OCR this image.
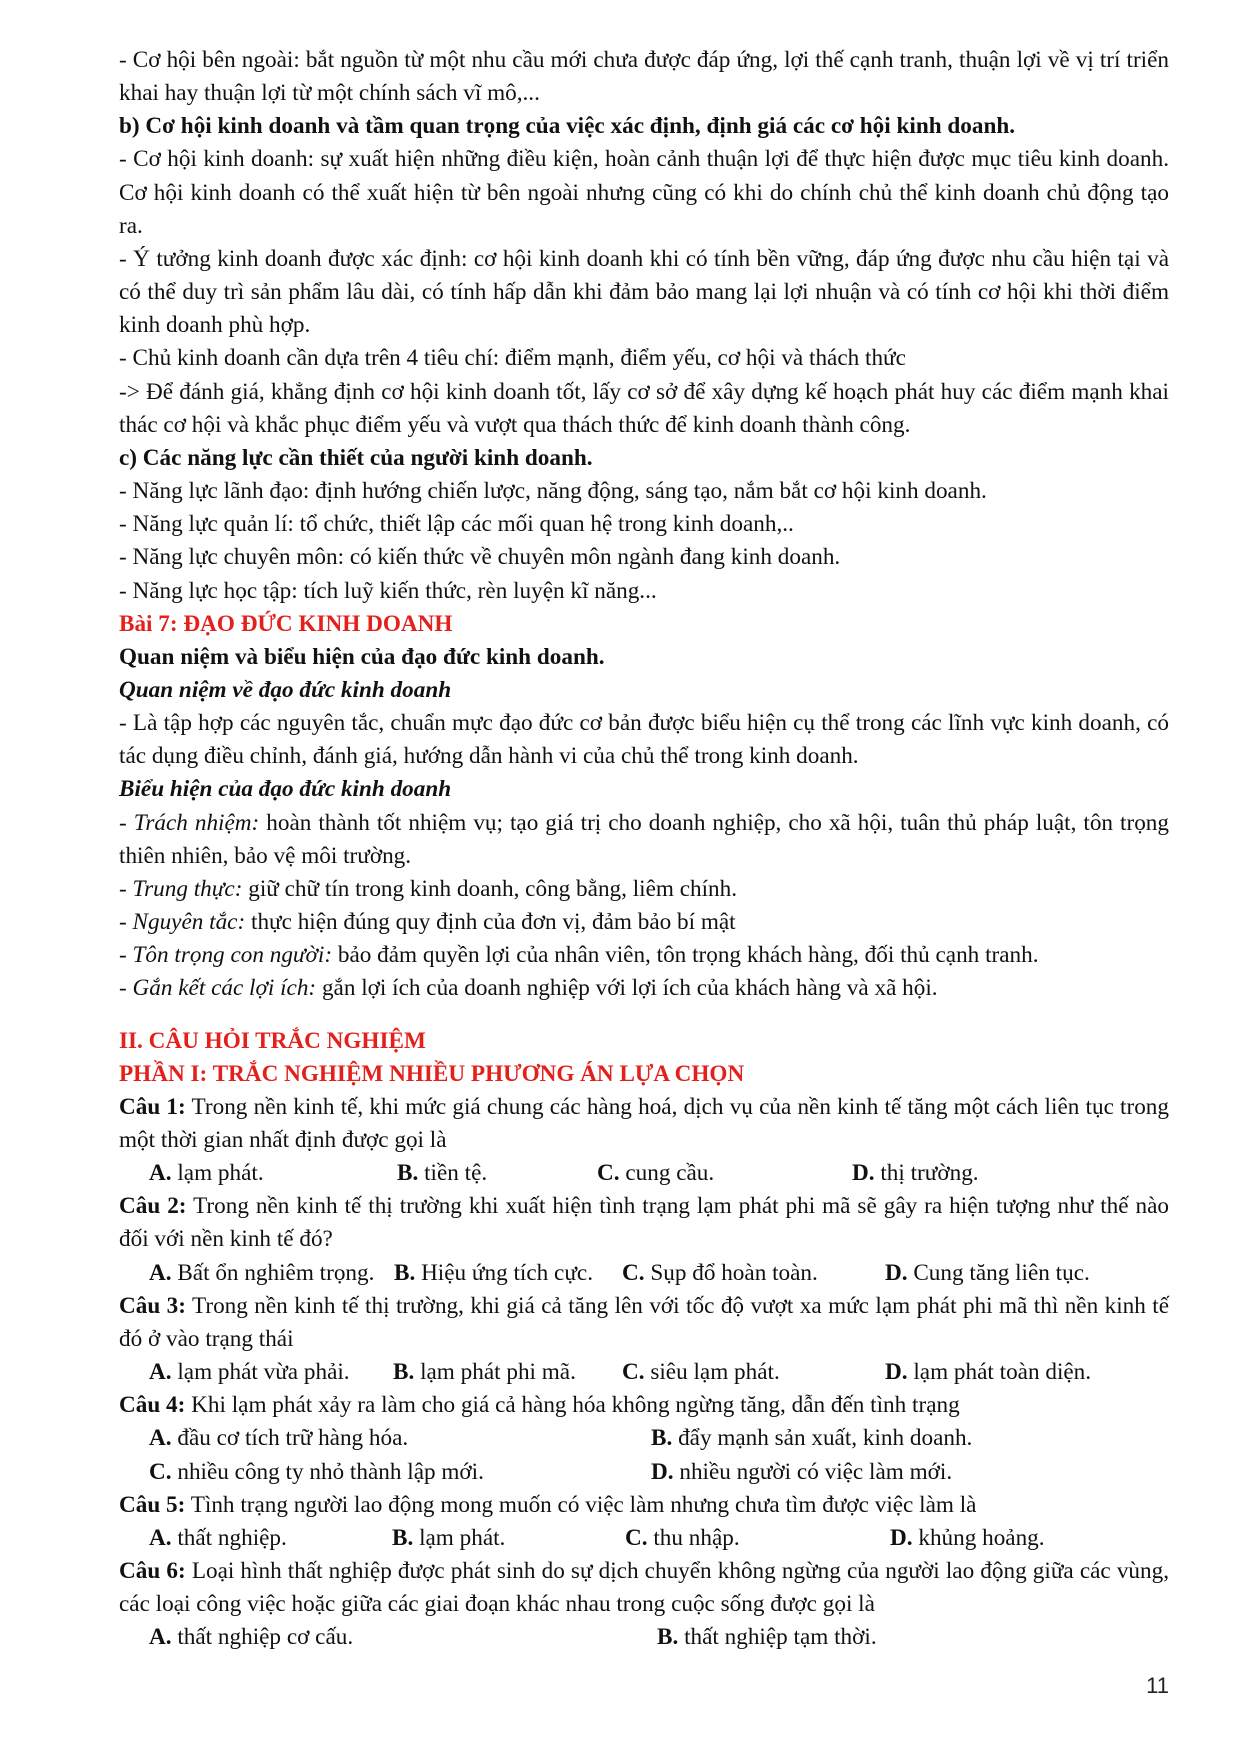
- Cơ hội bên ngoài: bắt nguồn từ một nhu cầu mới chưa được đáp ứng, lợi thế cạnh tranh, thuận lợi về vị trí triển khai hay thuận lợi từ một chính sách vĩ mô,...

b) Cơ hội kinh doanh và tầm quan trọng của việc xác định, định giá các cơ hội kinh doanh.

- Cơ hội kinh doanh: sự xuất hiện những điều kiện, hoàn cảnh thuận lợi để thực hiện được mục tiêu kinh doanh. Cơ hội kinh doanh có thể xuất hiện từ bên ngoài nhưng cũng có khi do chính chủ thể kinh doanh chủ động tạo ra.

- Ý tưởng kinh doanh được xác định: cơ hội kinh doanh khi có tính bền vững, đáp ứng được nhu cầu hiện tại và có thể duy trì sản phẩm lâu dài, có tính hấp dẫn khi đảm bảo mang lại lợi nhuận và có tính cơ hội khi thời điểm kinh doanh phù hợp.

- Chủ kinh doanh cần dựa trên 4 tiêu chí: điểm mạnh, điểm yếu, cơ hội và thách thức

-> Để đánh giá, khẳng định cơ hội kinh doanh tốt, lấy cơ sở để xây dựng kế hoạch phát huy các điểm mạnh khai thác cơ hội và khắc phục điểm yếu và vượt qua thách thức để kinh doanh thành công.

c) Các năng lực cần thiết của người kinh doanh.

- Năng lực lãnh đạo: định hướng chiến lược, năng động, sáng tạo, nắm bắt cơ hội kinh doanh.

- Năng lực quản lí: tổ chức, thiết lập các mối quan hệ trong kinh doanh,..

- Năng lực chuyên môn: có kiến thức về chuyên môn ngành đang kinh doanh.

- Năng lực học tập: tích luỹ kiến thức, rèn luyện kĩ năng...

Bài 7: ĐẠO ĐỨC KINH DOANH

Quan niệm và biểu hiện của đạo đức kinh doanh.

Quan niệm về đạo đức kinh doanh

- Là tập hợp các nguyên tắc, chuẩn mực đạo đức cơ bản được biểu hiện cụ thể trong các lĩnh vực kinh doanh, có tác dụng điều chỉnh, đánh giá, hướng dẫn hành vi của chủ thể trong kinh doanh.

Biểu hiện của đạo đức kinh doanh

- Trách nhiệm: hoàn thành tốt nhiệm vụ; tạo giá trị cho doanh nghiệp, cho xã hội, tuân thủ pháp luật, tôn trọng thiên nhiên, bảo vệ môi trường.

- Trung thực: giữ chữ tín trong kinh doanh, công bằng, liêm chính.

- Nguyên tắc: thực hiện đúng quy định của đơn vị, đảm bảo bí mật

- Tôn trọng con người: bảo đảm quyền lợi của nhân viên, tôn trọng khách hàng, đối thủ cạnh tranh.

- Gắn kết các lợi ích: gắn lợi ích của doanh nghiệp với lợi ích của khách hàng và xã hội.

II. CÂU HỎI TRẮC NGHIỆM

PHẦN I: TRẮC NGHIỆM NHIỀU PHƯƠNG ÁN LỰA CHỌN

Câu 1: Trong nền kinh tế, khi mức giá chung các hàng hoá, dịch vụ của nền kinh tế tăng một cách liên tục trong một thời gian nhất định được gọi là

A. lạm phát.	B. tiền tệ.	C. cung cầu.	D. thị trường.

Câu 2: Trong nền kinh tế thị trường khi xuất hiện tình trạng lạm phát phi mã sẽ gây ra hiện tượng như thế nào đối với nền kinh tế đó?

A. Bất ổn nghiêm trọng. B. Hiệu ứng tích cực.	C. Sụp đổ hoàn toàn.	D. Cung tăng liên tục.

Câu 3: Trong nền kinh tế thị trường, khi giá cả tăng lên với tốc độ vượt xa mức lạm phát phi mã thì nền kinh tế đó ở vào trạng thái

A. lạm phát vừa phải.	B. lạm phát phi mã.	C. siêu lạm phát.	D. lạm phát toàn diện.

Câu 4: Khi lạm phát xảy ra làm cho giá cả hàng hóa không ngừng tăng, dẫn đến tình trạng

A. đầu cơ tích trữ hàng hóa.	B. đẩy mạnh sản xuất, kinh doanh.
C. nhiều công ty nhỏ thành lập mới.	D. nhiều người có việc làm mới.

Câu 5: Tình trạng người lao động mong muốn có việc làm nhưng chưa tìm được việc làm là

A. thất nghiệp.	B. lạm phát.	C. thu nhập.	D. khủng hoảng.

Câu 6: Loại hình thất nghiệp được phát sinh do sự dịch chuyển không ngừng của người lao động giữa các vùng, các loại công việc hoặc giữa các giai đoạn khác nhau trong cuộc sống được gọi là

A. thất nghiệp cơ cấu.	B. thất nghiệp tạm thời.
11
